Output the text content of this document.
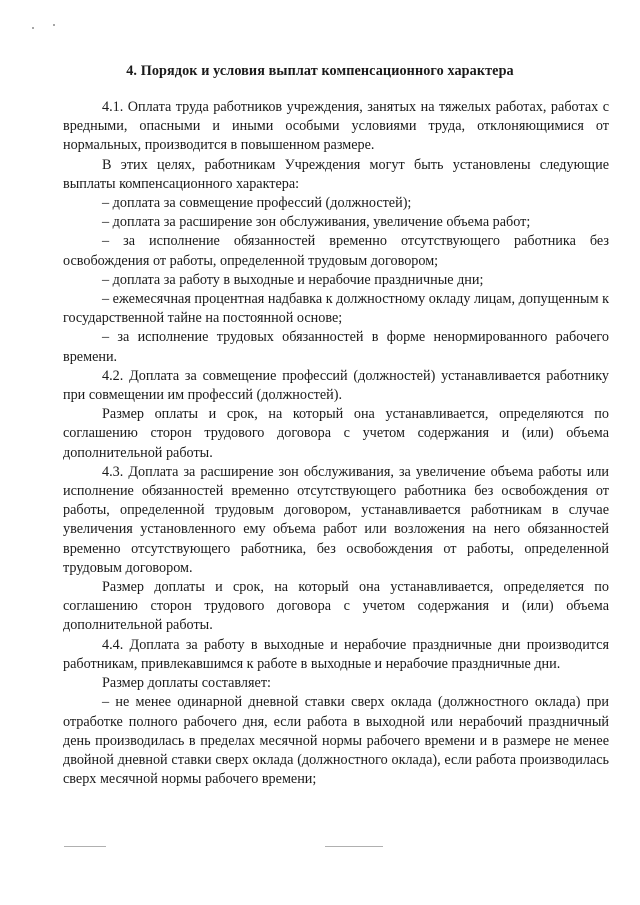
4. Порядок и условия выплат компенсационного характера

4.1. Оплата труда работников учреждения, занятых на тяжелых работах, работах с вредными, опасными и иными особыми условиями труда, отклоняющимися от нормальных, производится в повышенном размере.

В этих целях, работникам Учреждения могут быть установлены следующие выплаты компенсационного характера:

– доплата за совмещение профессий (должностей);

– доплата за расширение зон обслуживания, увеличение объема работ;

– за исполнение обязанностей временно отсутствующего работника без освобождения от работы, определенной трудовым договором;

– доплата за работу в выходные и нерабочие праздничные дни;

– ежемесячная процентная надбавка к должностному окладу лицам, допущенным к государственной тайне на постоянной основе;

– за исполнение трудовых обязанностей в форме ненормированного рабочего времени.

4.2. Доплата за совмещение профессий (должностей) устанавливается работнику при совмещении им профессий (должностей).

Размер оплаты и срок, на который она устанавливается, определяются по соглашению сторон трудового договора с учетом содержания и (или) объема дополнительной работы.

4.3. Доплата за расширение зон обслуживания, за увеличение объема работы или исполнение обязанностей временно отсутствующего работника без освобождения от работы, определенной трудовым договором, устанавливается работникам в случае увеличения установленного ему объема работ или возложения на него обязанностей временно отсутствующего работника, без освобождения от работы, определенной трудовым договором.

Размер доплаты и срок, на который она устанавливается, определяется по соглашению сторон трудового договора с учетом содержания и (или) объема дополнительной работы.

4.4. Доплата за работу в выходные и нерабочие праздничные дни производится работникам, привлекавшимся к работе в выходные и нерабочие праздничные дни.

Размер доплаты составляет:

– не менее одинарной дневной ставки сверх оклада (должностного оклада) при отработке полного рабочего дня, если работа в выходной или нерабочий праздничный день производилась в пределах месячной нормы рабочего времени и в размере не менее двойной дневной ставки сверх оклада (должностного оклада), если работа производилась сверх месячной нормы рабочего времени;
